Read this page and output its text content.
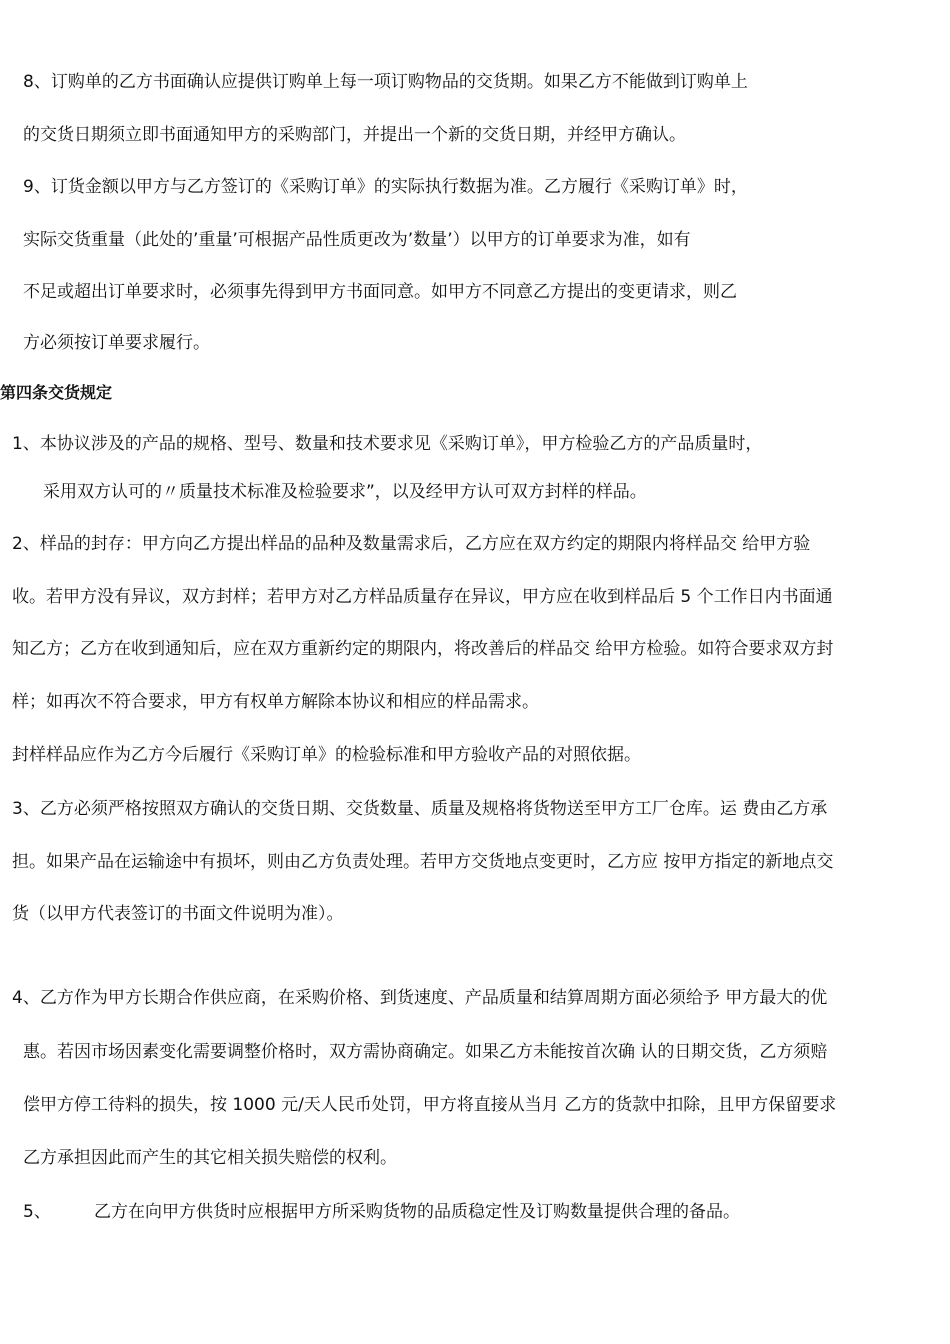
8、订购单的乙方书面确认应提供订购单上每一项订购物品的交货期。如果乙方不能做到订购单上
的交货日期须立即书面通知甲方的采购部门，并提出一个新的交货日期，并经甲方确认。
9、订货金额以甲方与乙方签订的《采购订单》的实际执行数据为准。乙方履行《采购订单》时，
实际交货重量（此处的’重量’可根据产品性质更改为’数量’）以甲方的订单要求为准，如有
不足或超出订单要求时，必须事先得到甲方书面同意。如甲方不同意乙方提出的变更请求，则乙
方必须按订单要求履行。
第四条交货规定
1、本协议涉及的产品的规格、型号、数量和技术要求见《采购订单》，甲方检验乙方的产品质量时，
采用双方认可的〃质量技术标准及检验要求”，以及经甲方认可双方封样的样品。
2、样品的封存：甲方向乙方提出样品的品种及数量需求后，乙方应在双方约定的期限内将样品交 给甲方验
收。若甲方没有异议，双方封样；若甲方对乙方样品质量存在异议，甲方应在收到样品后 5 个工作日内书面通
知乙方；乙方在收到通知后，应在双方重新约定的期限内，将改善后的样品交 给甲方检验。如符合要求双方封
样；如再次不符合要求，甲方有权单方解除本协议和相应的样品需求。
封样样品应作为乙方今后履行《采购订单》的检验标准和甲方验收产品的对照依据。
3、乙方必须严格按照双方确认的交货日期、交货数量、质量及规格将货物送至甲方工厂仓库。运 费由乙方承
担。如果产品在运输途中有损坏，则由乙方负责处理。若甲方交货地点变更时，乙方应 按甲方指定的新地点交
货（以甲方代表签订的书面文件说明为准）。
4、乙方作为甲方长期合作供应商，在采购价格、到货速度、产品质量和结算周期方面必须给予 甲方最大的优
惠。若因市场因素变化需要调整价格时，双方需协商确定。如果乙方未能按首次确 认的日期交货，乙方须赔
偿甲方停工待料的损失，按 1000 元/天人民币处罚，甲方将直接从当月 乙方的货款中扣除，且甲方保留要求
乙方承担因此而产生的其它相关损失赔偿的权利。
5、	乙方在向甲方供货时应根据甲方所采购货物的品质稳定性及订购数量提供合理的备品。
